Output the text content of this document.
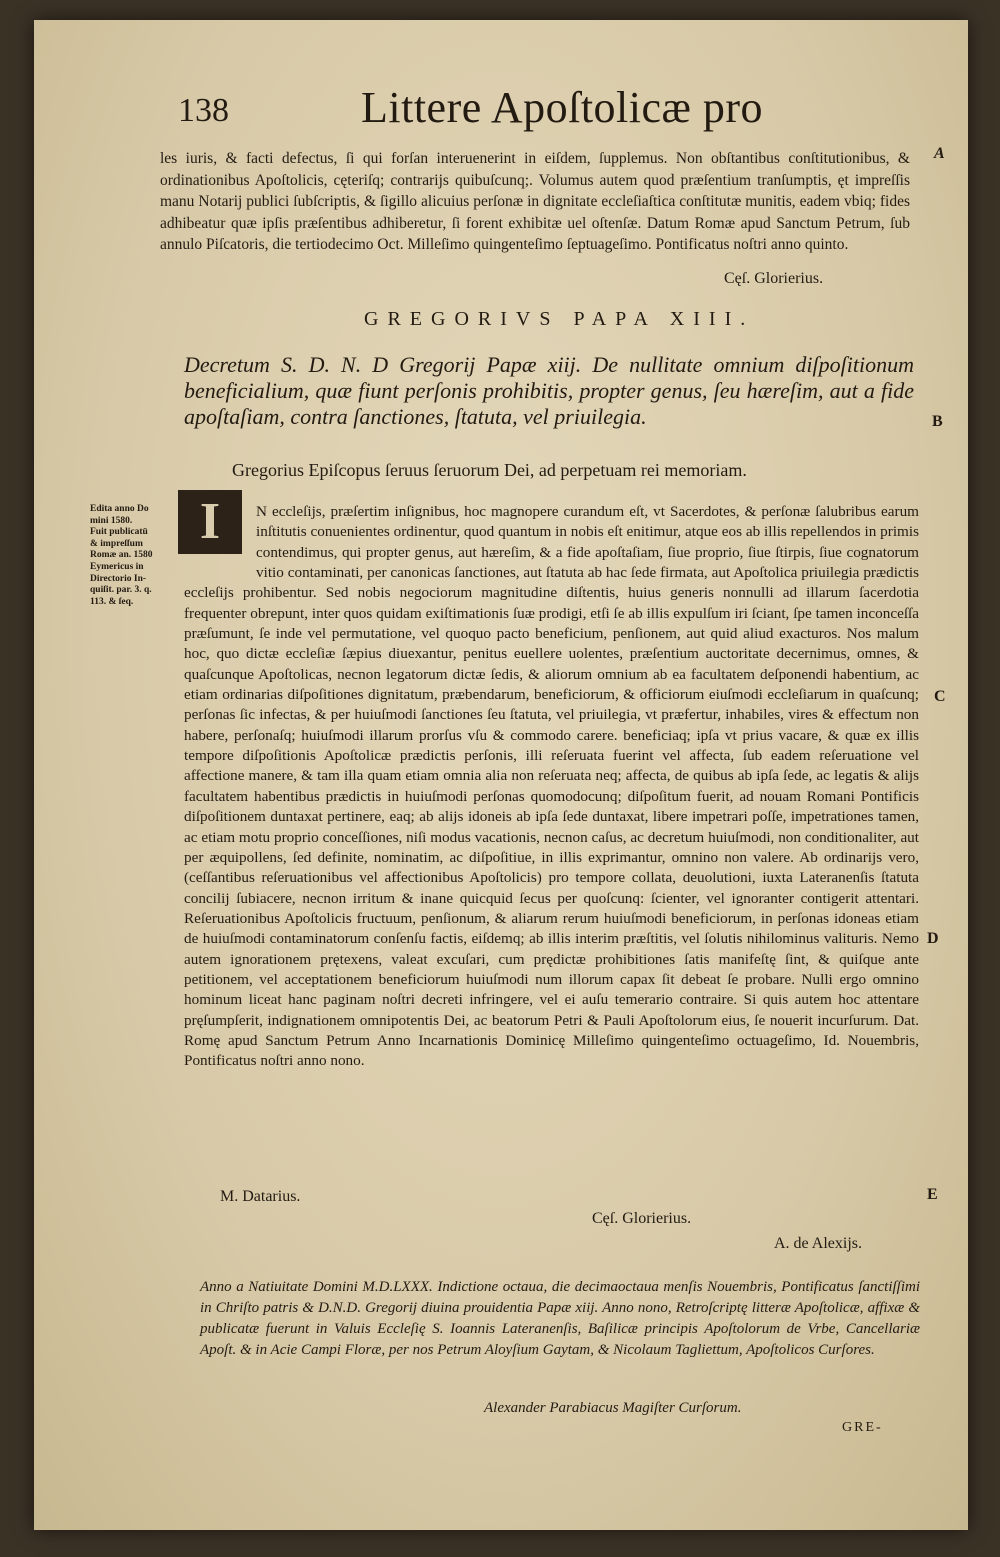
138	Littere Apoſtolicæ pro

les iuris, & facti defectus, ſi qui forſan interuenerint in eiſdem, ſupplemus. Non obſtantibus conſtitutionibus, & ordinationibus Apoſtolicis, cęteriſq; contrarijs quibuſcunq;. Volumus autem quod præſentium tranſumptis, ęt impreſſis manu Notarij publici ſubſcriptis, & ſigillo alicuius perſonæ in dignitate eccleſiaſtica conſtitutæ munitis, eadem vbiq; fides adhibeatur quæ ipſis præſentibus adhiberetur, ſi forent exhibitæ uel oſtenſæ. Datum Romæ apud Sanctum Petrum, ſub annulo Piſcatoris, die tertiodecimo Oct. Milleſimo quingenteſimo ſeptuageſimo. Pontificatus noſtri anno quinto.

Cęſ. Glorierius.
GREGORIVS PAPA XIII.

Decretum S. D. N. D Gregorij Papæ xiij. De nullitate omnium diſpoſitionum beneficialium, quæ fiunt perſonis prohibitis, propter genus, ſeu hæreſim, aut a fide apoſtaſiam, contra ſanctiones, ſtatuta, vel priuilegia.

Gregorius Epiſcopus ſeruus ſeruorum Dei, ad perpetuam rei memoriam.
Edita anno Do
mini 1580.
Fuit publicatū
& impreſſum
Romæ an. 1580
Eymericus in
Directorio In-
quiſit. par. 3. q.
113. & ſeq.
I	N eccleſijs, præſertim inſignibus, hoc magnopere curandum eſt, vt Sacerdotes, & perſonæ ſalubribus earum inſtitutis conuenientes ordinentur, quod quantum in nobis eſt enitimur, atque eos ab illis repellendos in primis contendimus, qui propter genus, aut hæreſim, & a fide apoſtaſiam, ſiue proprio, ſiue ſtirpis, ſiue cognatorum vitio contaminati, per canonicas ſanctiones, aut ſtatuta ab hac ſede firmata, aut Apoſtolica priuilegia prædictis eccleſijs prohibentur. Sed nobis negociorum magnitudine diſtentis, huius generis nonnulli ad illarum ſacerdotia frequenter obrepunt, inter quos quidam exiſtimationis ſuæ prodigi, etſi ſe ab illis expulſum iri ſciant, ſpe tamen inconceſſa præſumunt, ſe inde vel permutatione, vel quoquo pacto beneficium, penſionem, aut quid aliud exacturos. Nos malum hoc, quo dictæ eccleſiæ ſæpius diuexantur, penitus euellere uolentes, præſentium auctoritate decernimus, omnes, & quaſcunque Apoſtolicas, necnon legatorum dictæ ſedis, & aliorum omnium ab ea facultatem deſponendi habentium, ac etiam ordinarias diſpoſitiones dignitatum, præbendarum, beneficiorum, & officiorum eiuſmodi eccleſiarum in quaſcunq; perſonas ſic infectas, & per huiuſmodi ſanctiones ſeu ſtatuta, vel priuilegia, vt præfertur, inhabiles, vires & effectum non habere, perſonaſq; huiuſmodi illarum prorſus vſu & commodo carere. beneficiaq; ipſa vt prius vacare, & quæ ex illis tempore diſpoſitionis Apoſtolicæ prædictis perſonis, illi reſeruata fuerint vel affecta, ſub eadem reſeruatione vel affectione manere, & tam illa quam etiam omnia alia non reſeruata neq; affecta, de quibus ab ipſa ſede, ac legatis & alijs facultatem habentibus prædictis in huiuſmodi perſonas quomodocunq; diſpoſitum fuerit, ad nouam Romani Pontificis diſpoſitionem duntaxat pertinere, eaq; ab alijs idoneis ab ipſa ſede duntaxat, libere impetrari poſſe, impetrationes tamen, ac etiam motu proprio conceſſiones, niſi modus vacationis, necnon caſus, ac decretum huiuſmodi, non conditionaliter, aut per æquipollens, ſed definite, nominatim, ac diſpoſitiue, in illis exprimantur, omnino non valere. Ab ordinarijs vero, (ceſſantibus reſeruationibus vel affectionibus Apoſtolicis) pro tempore collata, deuolutioni, iuxta Lateranenſis ſtatuta concilij ſubiacere, necnon irritum & inane quicquid ſecus per quoſcunq: ſcienter, vel ignoranter contigerit attentari. Reſeruationibus Apoſtolicis fructuum, penſionum, & aliarum rerum huiuſmodi beneficiorum, in perſonas idoneas etiam de huiuſmodi contaminatorum conſenſu factis, eiſdemq; ab illis interim præſtitis, vel ſolutis nihilominus valituris. Nemo autem ignorationem prętexens, valeat excuſari, cum prędictæ prohibitiones ſatis manifeſtę ſint, & quiſque ante petitionem, vel acceptationem beneficiorum huiuſmodi num illorum capax ſit debeat ſe probare. Nulli ergo omnino hominum liceat hanc paginam noſtri decreti infringere, vel ei auſu temerario contraire. Si quis autem hoc attentare pręſumpſerit, indignationem omnipotentis Dei, ac beatorum Petri & Pauli Apoſtolorum eius, ſe nouerit incurſurum. Dat. Romę apud Sanctum Petrum Anno Incarnationis Dominicę Milleſimo quingenteſimo octuageſimo, Id. Nouembris, Pontificatus noſtri anno nono.

M. Datarius.
Cęſ. Glorierius.
A. de Alexijs.

Anno a Natiuitate Domini M.D.LXXX. Indictione octaua, die decimaoctaua menſis Nouembris, Pontificatus ſanctiſſimi in Chriſto patris & D.N.D. Gregorij diuina prouidentia Papæ xiij. Anno nono, Retroſcriptę litteræ Apoſtolicæ, affixæ & publicatæ fuerunt in Valuis Eccleſię S. Ioannis Lateranenſis, Baſilicæ principis Apoſtolorum de Vrbe, Cancellariæ Apoſt. & in Acie Campi Floræ, per nos Petrum Aloyſium Gaytam, & Nicolaum Tagliettum, Apoſtolicos Curſores.

Alexander Parabiacus Magiſter Curſorum.
GRE-
A
B
C
D
E
